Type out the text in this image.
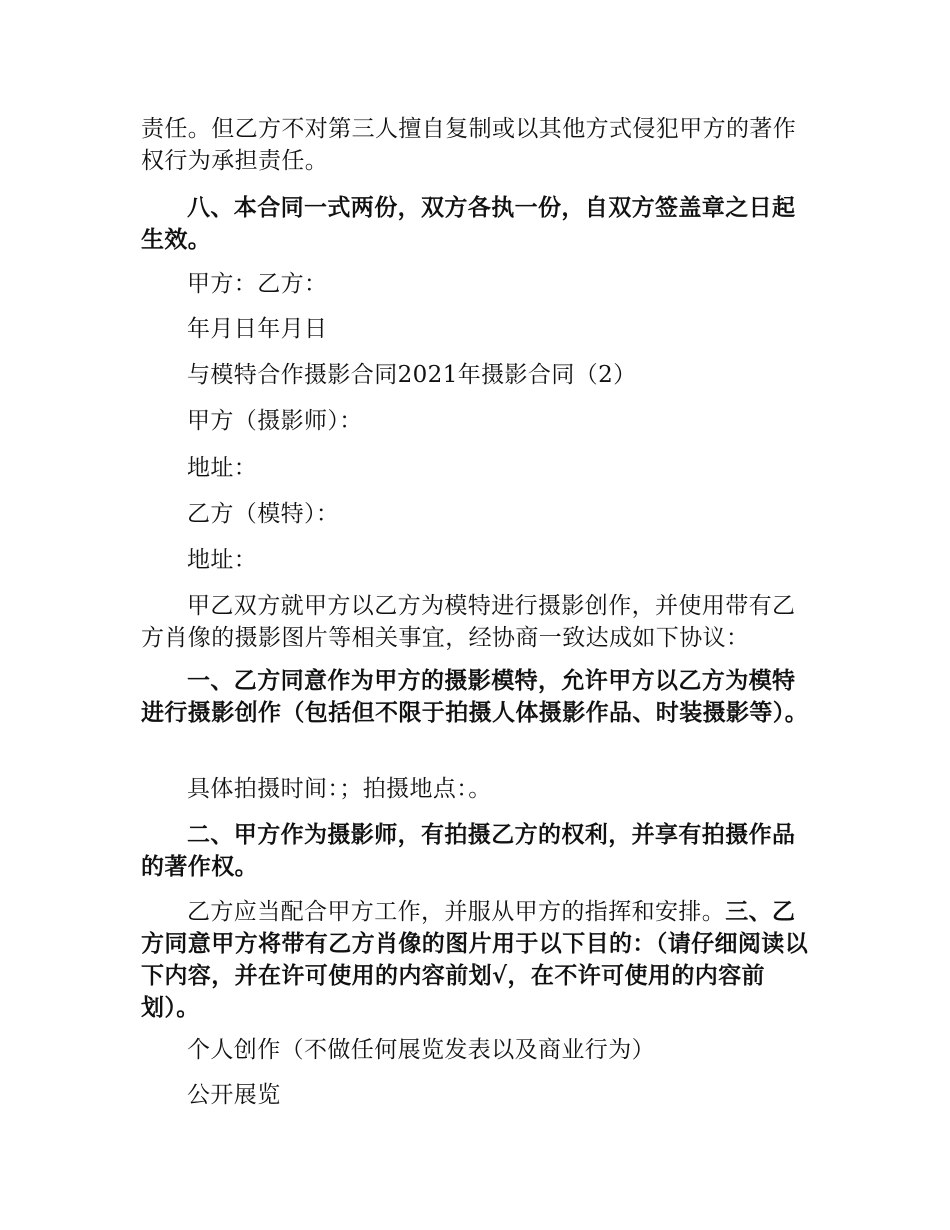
责任。但乙方不对第三人擅自复制或以其他方式侵犯甲方的著作权行为承担责任。
八、本合同一式两份，双方各执一份，自双方签盖章之日起生效。
甲方：乙方：
年月日年月日
与模特合作摄影合同2021年摄影合同（2）
甲方（摄影师）：
地址：
乙方（模特）：
地址：
甲乙双方就甲方以乙方为模特进行摄影创作，并使用带有乙方肖像的摄影图片等相关事宜，经协商一致达成如下协议：
一、乙方同意作为甲方的摄影模特，允许甲方以乙方为模特进行摄影创作（包括但不限于拍摄人体摄影作品、时装摄影等）。
具体拍摄时间：；拍摄地点：。
二、甲方作为摄影师，有拍摄乙方的权利，并享有拍摄作品的著作权。
乙方应当配合甲方工作，并服从甲方的指挥和安排。三、乙方同意甲方将带有乙方肖像的图片用于以下目的：（请仔细阅读以下内容，并在许可使用的内容前划√，在不许可使用的内容前划）。
个人创作（不做任何展览发表以及商业行为）
公开展览
